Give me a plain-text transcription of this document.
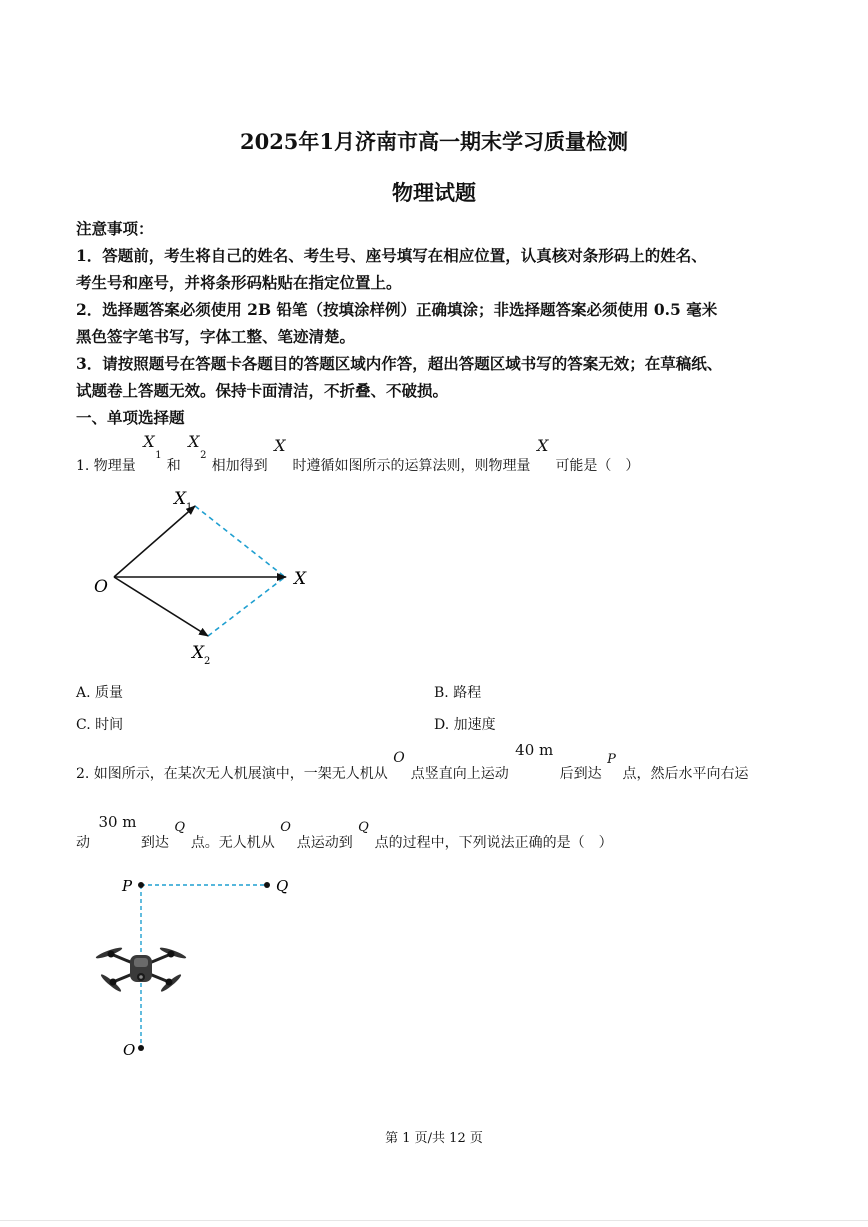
2025年1月济南市高一期末学习质量检测
物理试题
注意事项：
1．答题前，考生将自己的姓名、考生号、座号填写在相应位置，认真核对条形码上的姓名、
考生号和座号，并将条形码粘贴在指定位置上。
2．选择题答案必须使用 2B 铅笔（按填涂样例）正确填涂；非选择题答案必须使用 0.5 毫米
黑色签字笔书写，字体工整、笔迹清楚。
3．请按照题号在答题卡各题目的答题区域内作答，超出答题区域书写的答案无效；在草稿纸、
试题卷上答题无效。保持卡面清洁，不折叠、不破损。
一、单项选择题
1. 物理量
X
1
和
X
2
相加得到
X
时遵循如图所示的运算法则，则物理量
X
可能是（　）
O	X
X 1
X 2
A. 质量	B. 路程
C. 时间	D. 加速度
2. 如图所示，在某次无人机展演中，一架无人机从
O
点竖直向上运动
40 m
后到达
P
点，然后水平向右运
动
30 m
到达
Q
点。无人机从
O
点运动到
Q
点的过程中，下列说法正确的是（　）
P	Q
O
第 1 页/共 12 页
